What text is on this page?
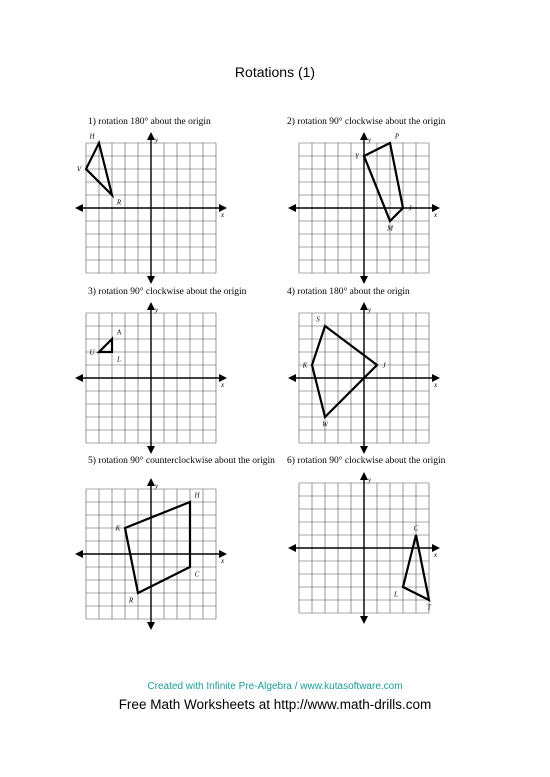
Rotations (1)
1) rotation 180° about the origin
x
y
H
R
V
2) rotation 90° clockwise about the origin
x
y
Y
P
J
M
3) rotation 90° clockwise about the origin
x
y
A
L
U
4) rotation 180° about the origin
x
y
S
J
W
K
5) rotation 90° counterclockwise about the origin
x
y
H
C
R
K
6) rotation 90° clockwise about the origin
x
y
C
T
L
Created with Infinite Pre-Algebra / www.kutasoftware.com
Free Math Worksheets at http://www.math-drills.com
